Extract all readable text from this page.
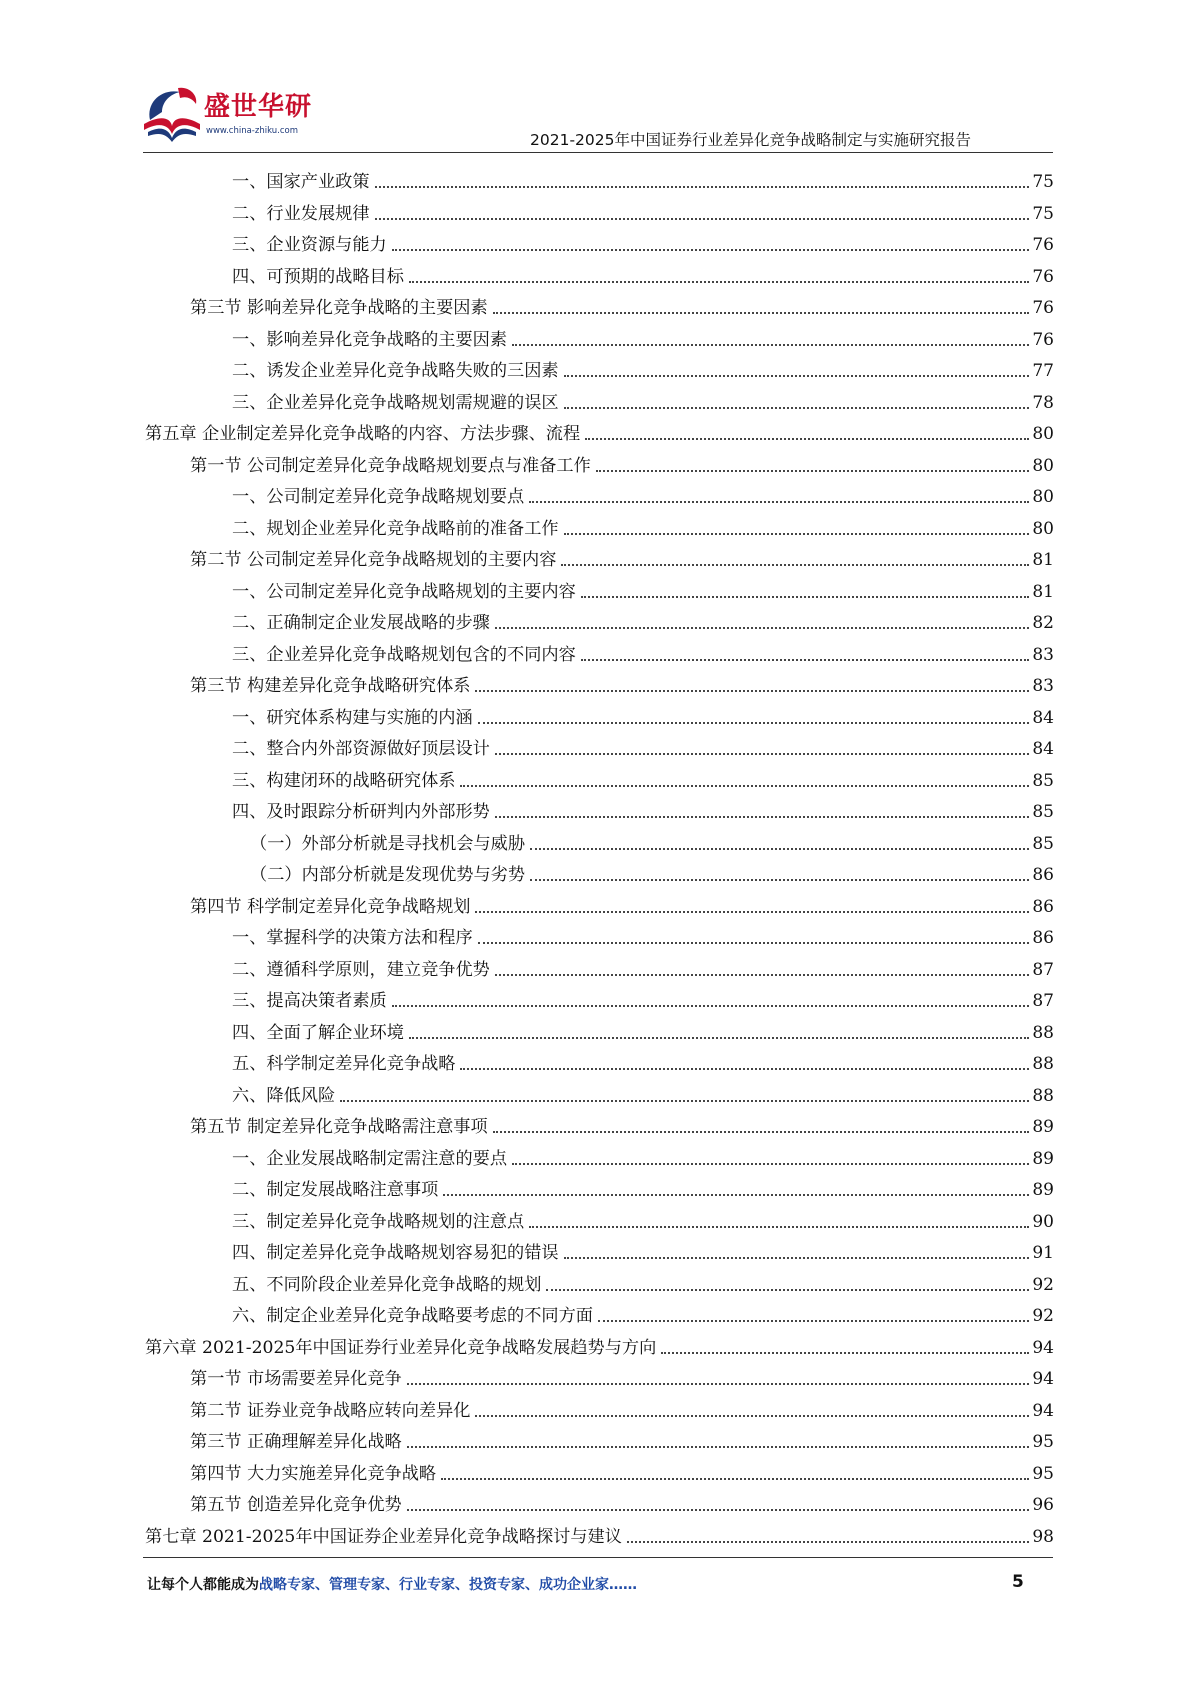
盛世华研
www.china-zhiku.com	2021-2025年中国证券行业差异化竞争战略制定与实施研究报告
一、国家产业政策	75
二、行业发展规律	75
三、企业资源与能力	76
四、可预期的战略目标	76
第三节 影响差异化竞争战略的主要因素	76
一、影响差异化竞争战略的主要因素	76
二、诱发企业差异化竞争战略失败的三因素	77
三、企业差异化竞争战略规划需规避的误区	78
第五章 企业制定差异化竞争战略的内容、方法步骤、流程	80
第一节 公司制定差异化竞争战略规划要点与准备工作	80
一、公司制定差异化竞争战略规划要点	80
二、规划企业差异化竞争战略前的准备工作	80
第二节 公司制定差异化竞争战略规划的主要内容	81
一、公司制定差异化竞争战略规划的主要内容	81
二、正确制定企业发展战略的步骤	82
三、企业差异化竞争战略规划包含的不同内容	83
第三节 构建差异化竞争战略研究体系	83
一、研究体系构建与实施的内涵	84
二、整合内外部资源做好顶层设计	84
三、构建闭环的战略研究体系	85
四、及时跟踪分析研判内外部形势	85
（一）外部分析就是寻找机会与威胁	85
（二）内部分析就是发现优势与劣势	86
第四节 科学制定差异化竞争战略规划	86
一、掌握科学的决策方法和程序	86
二、遵循科学原则，建立竞争优势	87
三、提高决策者素质	87
四、全面了解企业环境	88
五、科学制定差异化竞争战略	88
六、降低风险	88
第五节 制定差异化竞争战略需注意事项	89
一、企业发展战略制定需注意的要点	89
二、制定发展战略注意事项	89
三、制定差异化竞争战略规划的注意点	90
四、制定差异化竞争战略规划容易犯的错误	91
五、不同阶段企业差异化竞争战略的规划	92
六、制定企业差异化竞争战略要考虑的不同方面	92
第六章 2021-2025年中国证券行业差异化竞争战略发展趋势与方向	94
第一节 市场需要差异化竞争	94
第二节 证券业竞争战略应转向差异化	94
第三节 正确理解差异化战略	95
第四节 大力实施差异化竞争战略	95
第五节 创造差异化竞争优势	96
第七章 2021-2025年中国证券企业差异化竞争战略探讨与建议	98
让每个人都能成为战略专家、管理专家、行业专家、投资专家、成功企业家……	5
